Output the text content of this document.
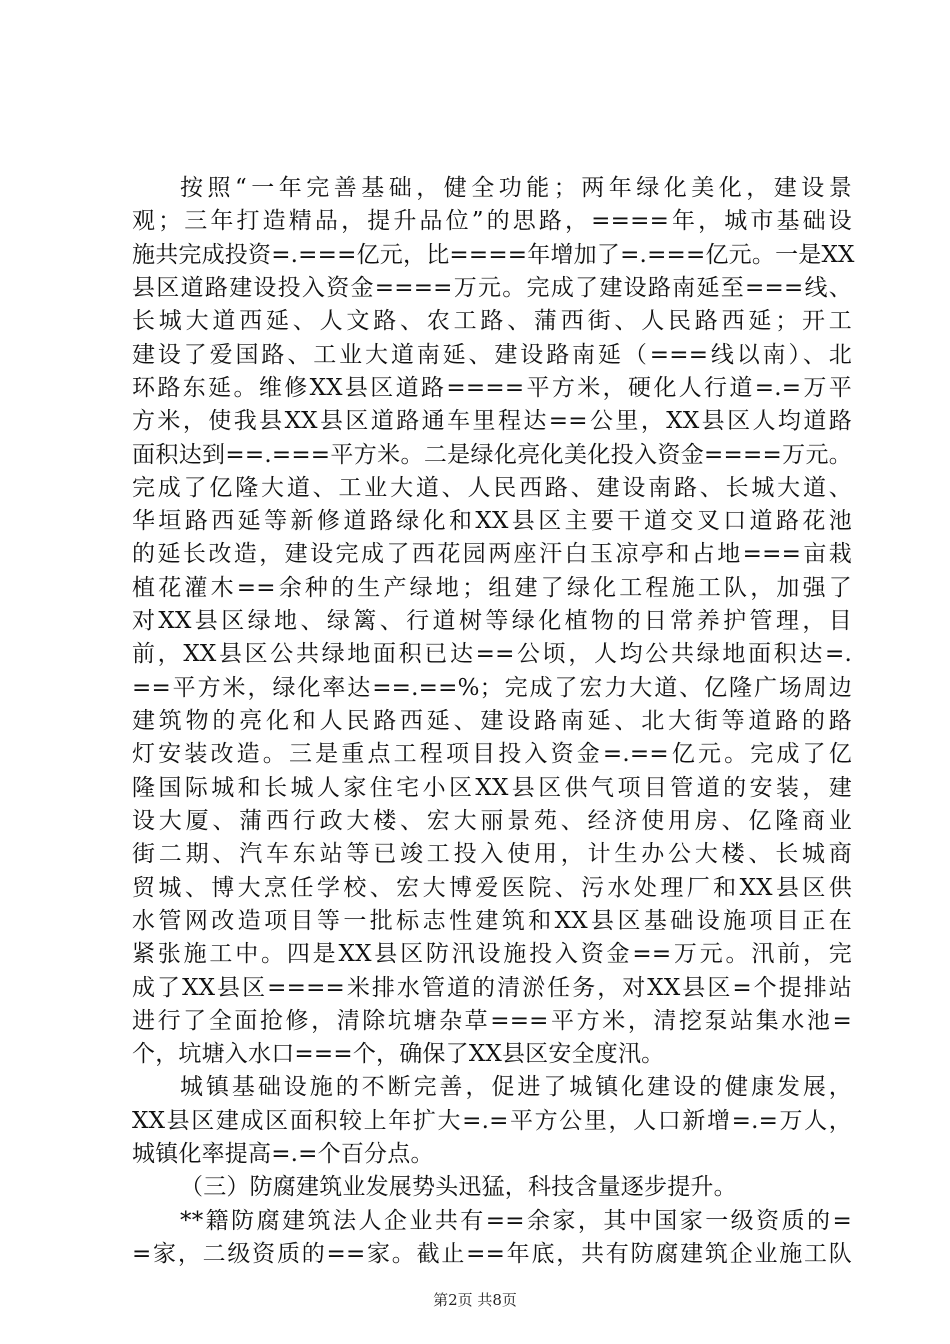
按照“一年完善基础，健全功能；两年绿化美化，建设景
观；三年打造精品，提升品位”的思路，====年，城市基础设
施共完成投资=.===亿元，比====年增加了=.===亿元。一是XX
县区道路建设投入资金====万元。完成了建设路南延至===线、
长城大道西延、人文路、农工路、蒲西街、人民路西延；开工
建设了爱国路、工业大道南延、建设路南延（===线以南）、北
环路东延。维修XX县区道路====平方米，硬化人行道=.=万平
方米，使我县XX县区道路通车里程达==公里，XX县区人均道路
面积达到==.===平方米。二是绿化亮化美化投入资金====万元。
完成了亿隆大道、工业大道、人民西路、建设南路、长城大道、
华垣路西延等新修道路绿化和XX县区主要干道交叉口道路花池
的延长改造，建设完成了西花园两座汗白玉凉亭和占地===亩栽
植花灌木==余种的生产绿地；组建了绿化工程施工队，加强了
对XX县区绿地、绿篱、行道树等绿化植物的日常养护管理，目
前，XX县区公共绿地面积已达==公顷，人均公共绿地面积达=.
==平方米，绿化率达==.==%；完成了宏力大道、亿隆广场周边
建筑物的亮化和人民路西延、建设路南延、北大街等道路的路
灯安装改造。三是重点工程项目投入资金=.==亿元。完成了亿
隆国际城和长城人家住宅小区XX县区供气项目管道的安装，建
设大厦、蒲西行政大楼、宏大丽景苑、经济使用房、亿隆商业
街二期、汽车东站等已竣工投入使用，计生办公大楼、长城商
贸城、博大烹任学校、宏大博爱医院、污水处理厂和XX县区供
水管网改造项目等一批标志性建筑和XX县区基础设施项目正在
紧张施工中。四是XX县区防汛设施投入资金==万元。汛前，完
成了XX县区====米排水管道的清淤任务，对XX县区=个提排站
进行了全面抢修，清除坑塘杂草===平方米，清挖泵站集水池=
个，坑塘入水口===个，确保了XX县区安全度汛。
城镇基础设施的不断完善，促进了城镇化建设的健康发展，
XX县区建成区面积较上年扩大=.=平方公里，人口新增=.=万人，
城镇化率提高=.=个百分点。
（三）防腐建筑业发展势头迅猛，科技含量逐步提升。
**籍防腐建筑法人企业共有==余家，其中国家一级资质的=
=家，二级资质的==家。截止==年底，共有防腐建筑企业施工队
第2页 共8页
